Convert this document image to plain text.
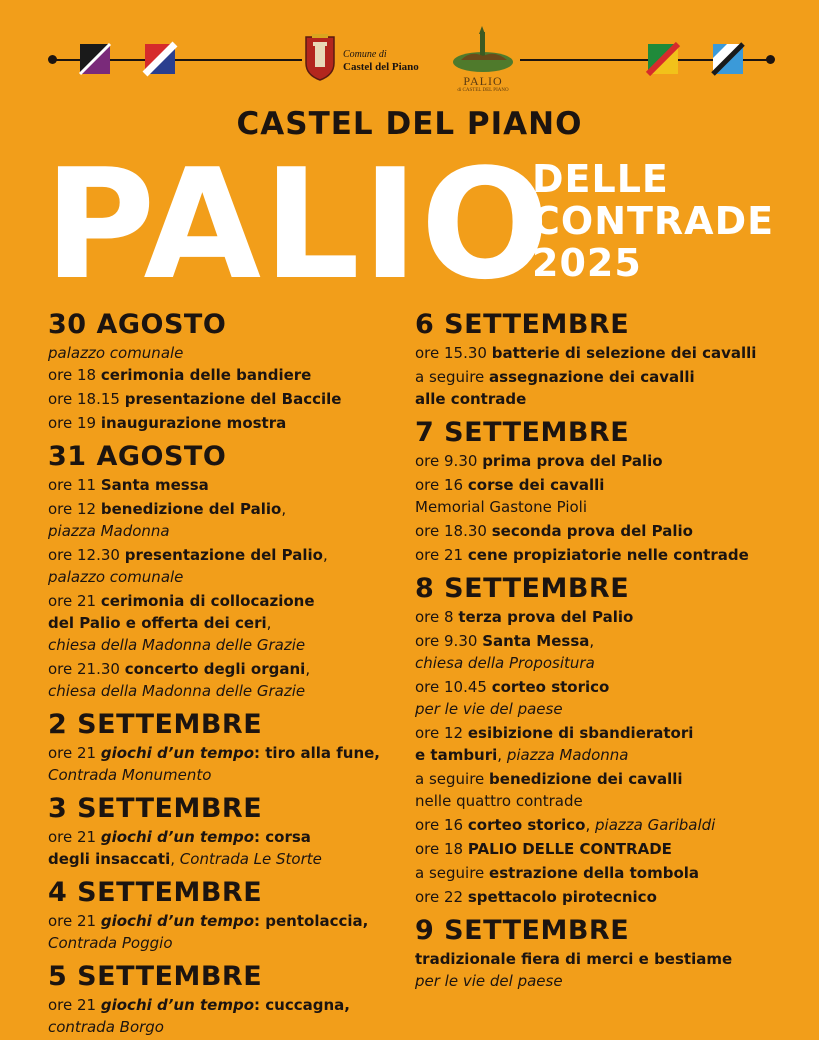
Comune di
Castel del Piano
PALIO
di CASTEL DEL PIANO
CASTEL DEL PIANO
PALIO
DELLE
CONTRADE
2025
30 AGOSTO
palazzo comunale
ore 18 cerimonia delle bandiere
ore 18.15 presentazione del Baccile
ore 19 inaugurazione mostra
31 AGOSTO
ore 11 Santa messa
ore 12 benedizione del Palio,
piazza Madonna
ore 12.30 presentazione del Palio,
palazzo comunale
ore 21 cerimonia di collocazione
del Palio e offerta dei ceri,
chiesa della Madonna delle Grazie
ore 21.30 concerto degli organi,
chiesa della Madonna delle Grazie
2 SETTEMBRE
ore 21 giochi d’un tempo: tiro alla fune,
Contrada Monumento
3 SETTEMBRE
ore 21 giochi d’un tempo: corsa
degli insaccati, Contrada Le Storte
4 SETTEMBRE
ore 21 giochi d’un tempo: pentolaccia,
Contrada Poggio
5 SETTEMBRE
ore 21 giochi d’un tempo: cuccagna,
contrada Borgo
6 SETTEMBRE
ore 15.30 batterie di selezione dei cavalli
a seguire assegnazione dei cavalli
alle contrade
7 SETTEMBRE
ore 9.30 prima prova del Palio
ore 16 corse dei cavalli
Memorial Gastone Pioli
ore 18.30 seconda prova del Palio
ore 21 cene propiziatorie nelle contrade
8 SETTEMBRE
ore 8 terza prova del Palio
ore 9.30 Santa Messa,
chiesa della Propositura
ore 10.45 corteo storico
per le vie del paese
ore 12 esibizione di sbandieratori
e tamburi, piazza Madonna
a seguire benedizione dei cavalli
nelle quattro contrade
ore 16 corteo storico, piazza Garibaldi
ore 18 PALIO DELLE CONTRADE
a seguire estrazione della tombola
ore 22 spettacolo pirotecnico
9 SETTEMBRE
tradizionale fiera di merci e bestiame
per le vie del paese
